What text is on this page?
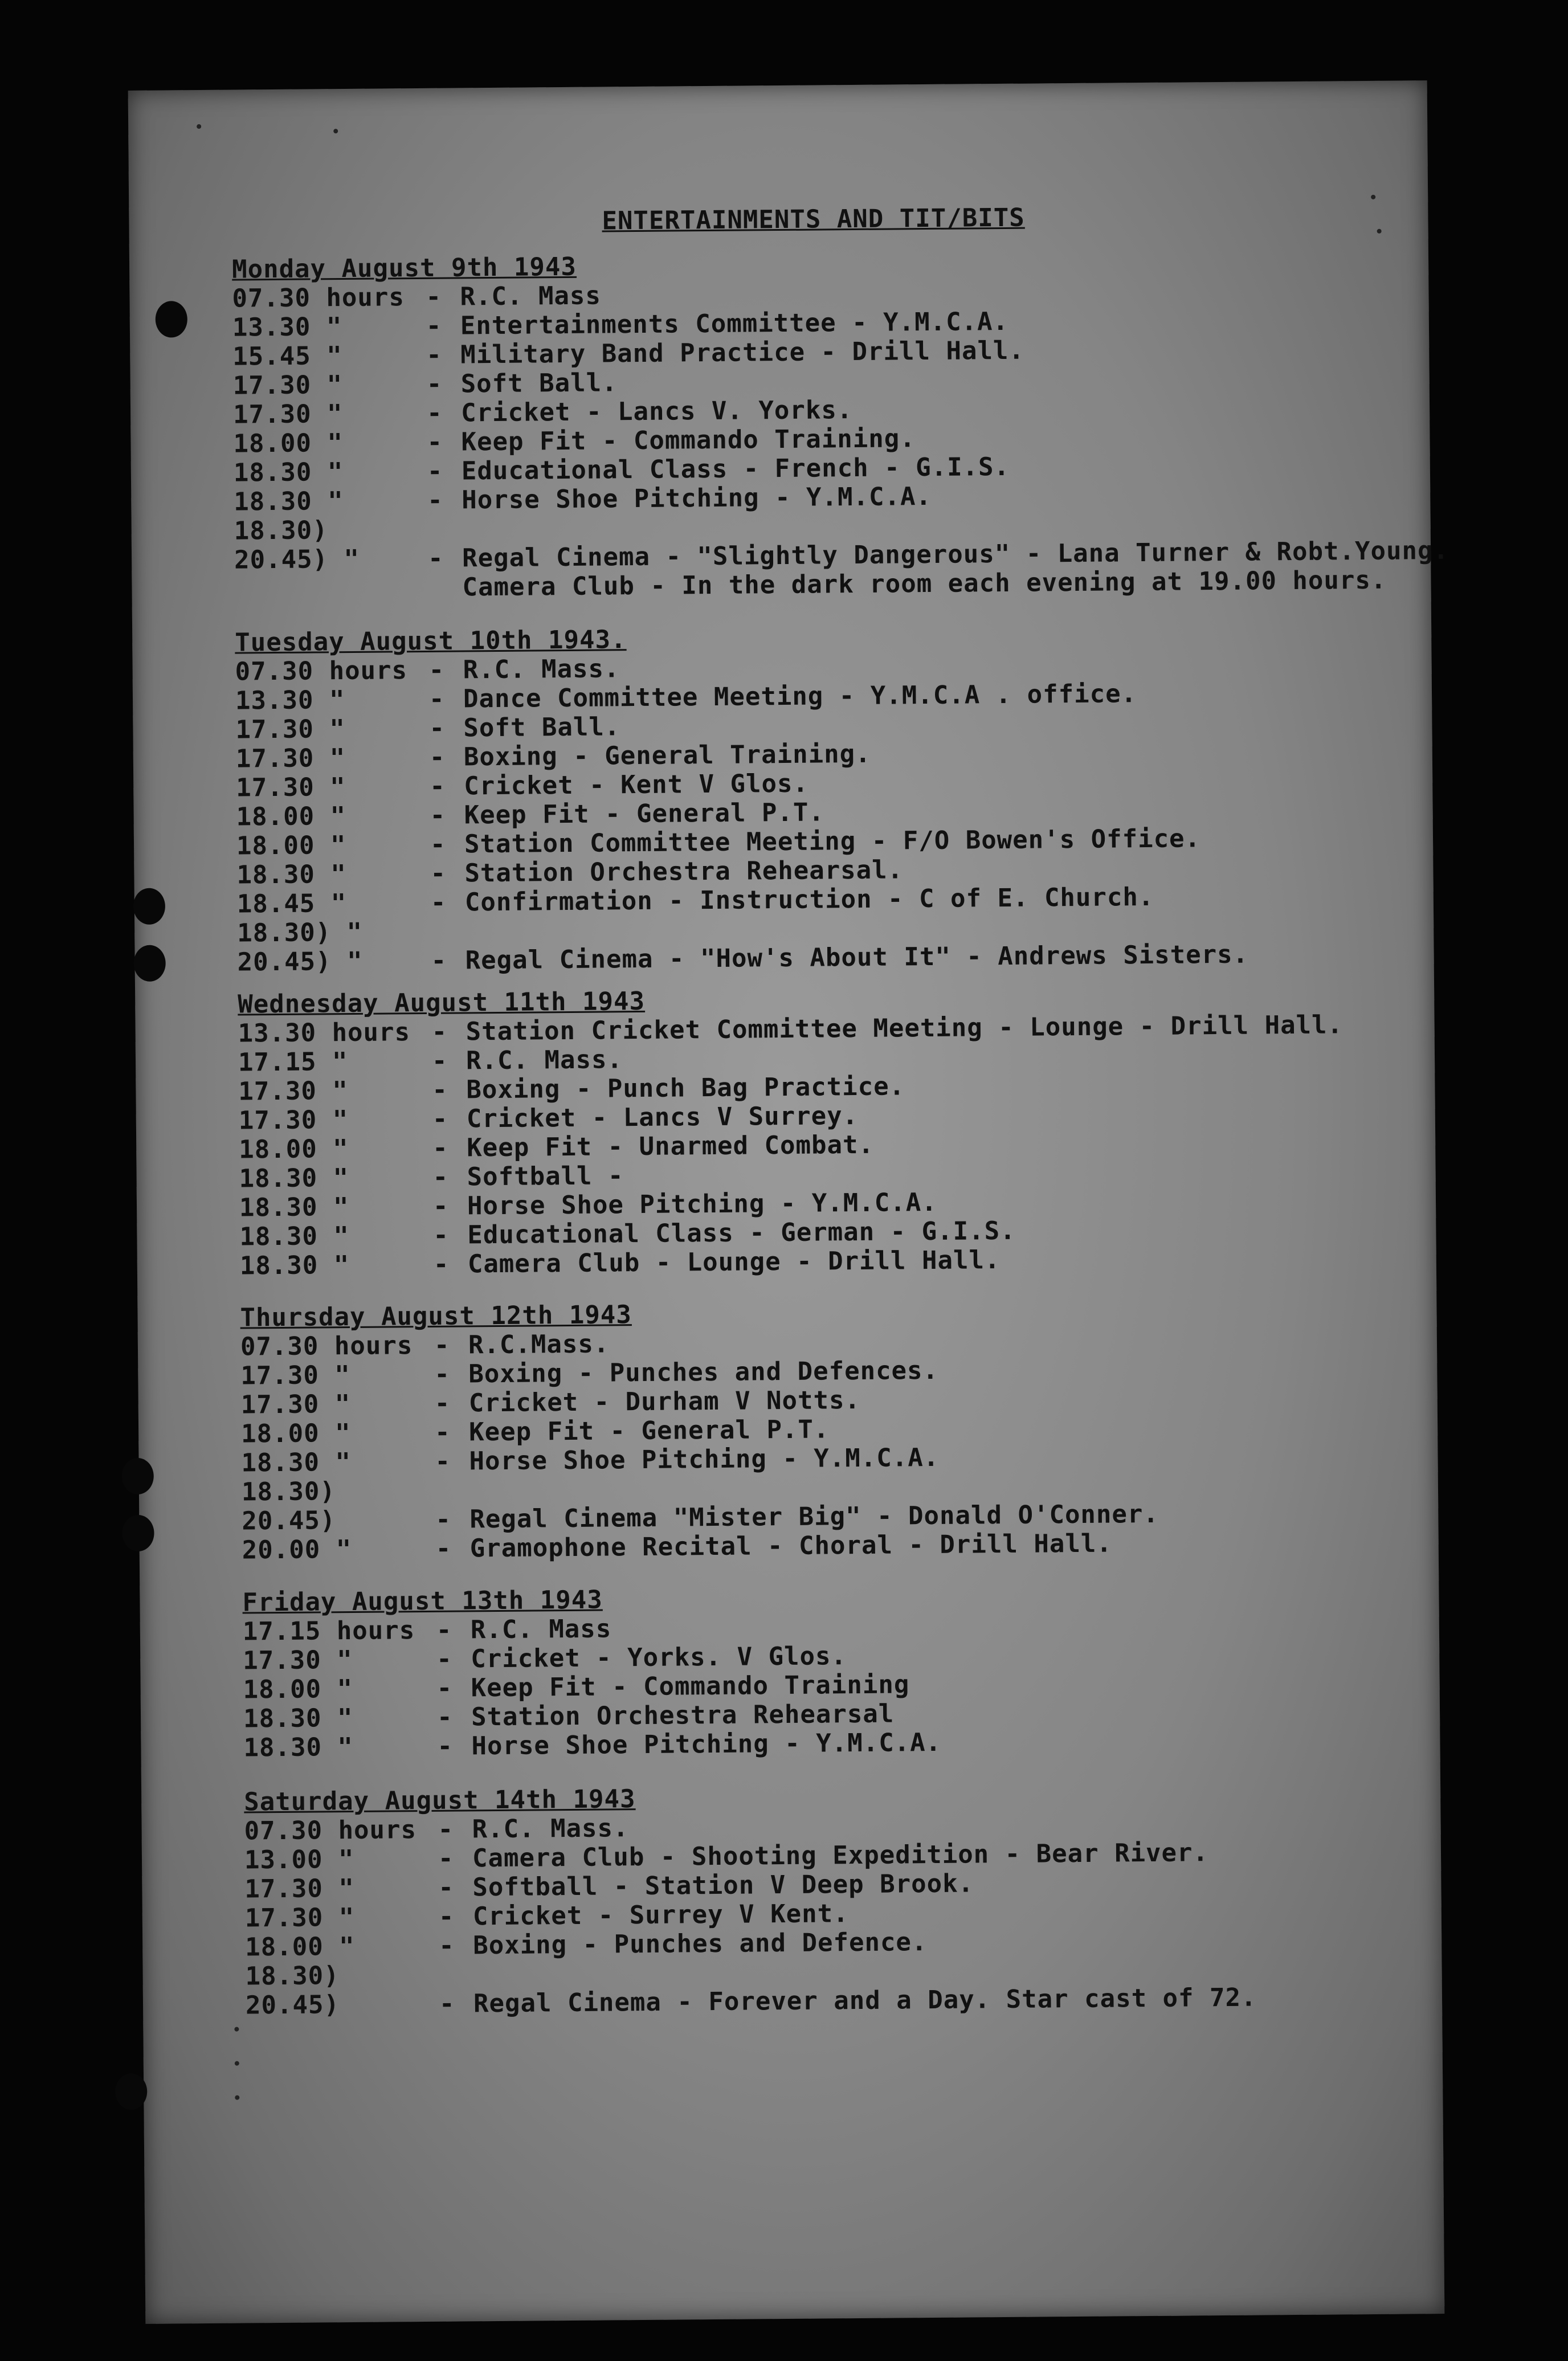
ENTERTAINMENTS AND TIT/BITS
Monday August 9th 1943
07.30 hours - R.C. Mass
13.30 "	- Entertainments Committee - Y.M.C.A.
15.45 "	- Military Band Practice - Drill Hall.
17.30 "	- Soft Ball.
17.30 "	- Cricket - Lancs V. Yorks.
18.00 "	- Keep Fit - Commando Training.
18.30 "	- Educational Class - French - G.I.S.
18.30 "	- Horse Shoe Pitching - Y.M.C.A.
18.30)
20.45) "	- Regal Cinema - "Slightly Dangerous" - Lana Turner & Robt.Young.
Camera Club - In the dark room each evening at 19.00 hours.
Tuesday August 10th 1943.
07.30 hours - R.C. Mass.
13.30 "	- Dance Committee Meeting - Y.M.C.A . office.
17.30 "	- Soft Ball.
17.30 "	- Boxing - General Training.
17.30 "	- Cricket - Kent V Glos.
18.00 "	- Keep Fit - General P.T.
18.00 "	- Station Committee Meeting - F/O Bowen's Office.
18.30 "	- Station Orchestra Rehearsal.
18.45 "	- Confirmation - Instruction - C of E. Church.
18.30) "
20.45) "	- Regal Cinema - "How's About It" - Andrews Sisters.
Wednesday August 11th 1943
13.30 hours - Station Cricket Committee Meeting - Lounge - Drill Hall.
17.15 "	- R.C. Mass.
17.30 "	- Boxing - Punch Bag Practice.
17.30 "	- Cricket - Lancs V Surrey.
18.00 "	- Keep Fit - Unarmed Combat.
18.30 "	- Softball -
18.30 "	- Horse Shoe Pitching - Y.M.C.A.
18.30 "	- Educational Class - German - G.I.S.
18.30 "	- Camera Club - Lounge - Drill Hall.
Thursday August 12th 1943
07.30 hours - R.C.Mass.
17.30 "	- Boxing - Punches and Defences.
17.30 "	- Cricket - Durham V Notts.
18.00 "	- Keep Fit - General P.T.
18.30 "	- Horse Shoe Pitching - Y.M.C.A.
18.30)
20.45)	- Regal Cinema "Mister Big" - Donald O'Conner.
20.00 "	- Gramophone Recital - Choral - Drill Hall.
Friday August 13th 1943
17.15 hours - R.C. Mass
17.30 "	- Cricket - Yorks. V Glos.
18.00 "	- Keep Fit - Commando Training
18.30 "	- Station Orchestra Rehearsal
18.30 "	- Horse Shoe Pitching - Y.M.C.A.
Saturday August 14th 1943
07.30 hours - R.C. Mass.
13.00 "	- Camera Club - Shooting Expedition - Bear River.
17.30 "	- Softball - Station V Deep Brook.
17.30 "	- Cricket - Surrey V Kent.
18.00 "	- Boxing - Punches and Defence.
18.30)
20.45)	- Regal Cinema - Forever and a Day. Star cast of 72.
